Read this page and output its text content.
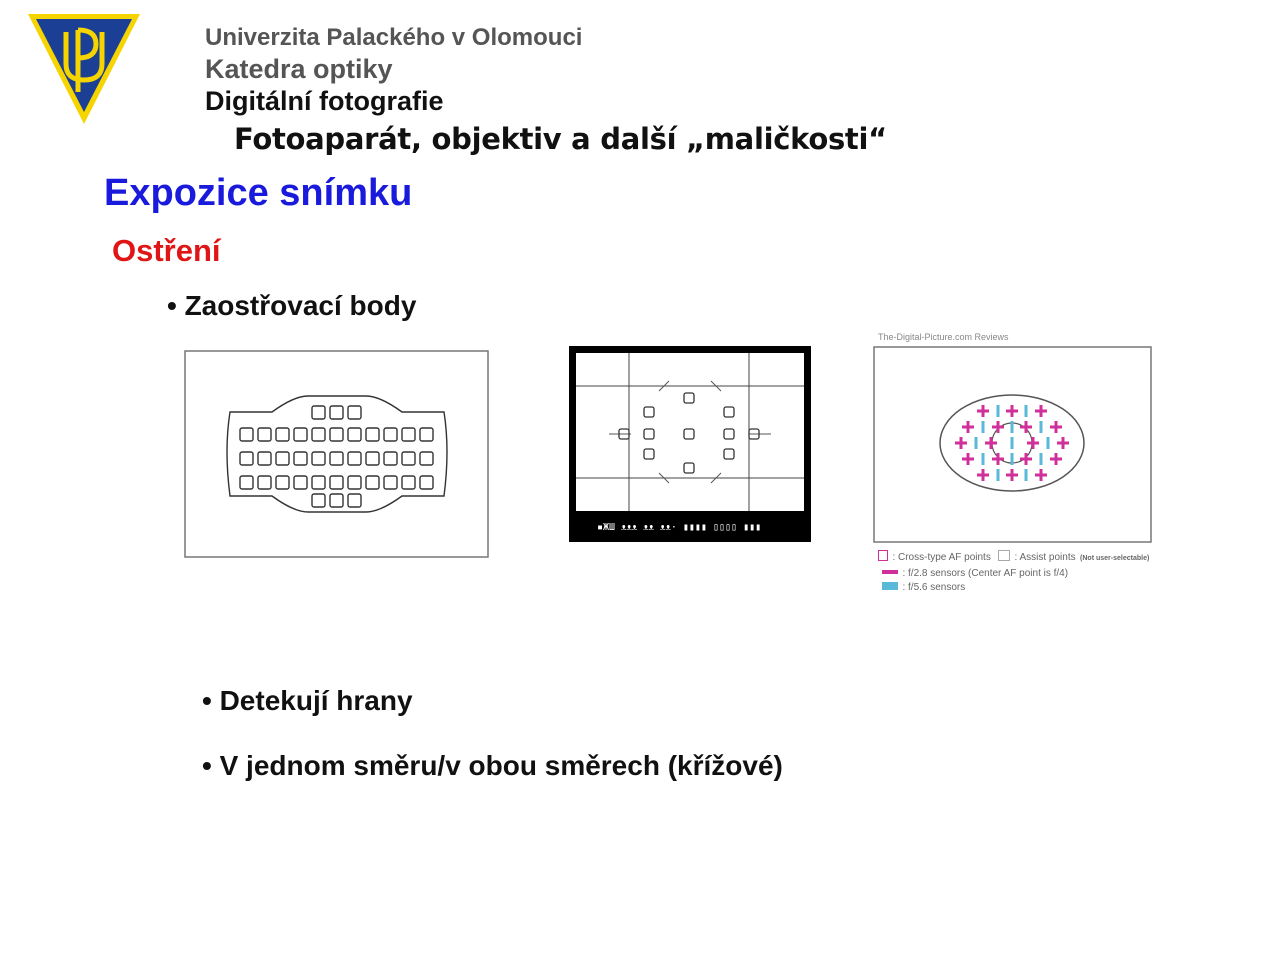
Univerzita Palackého v Olomouci
Katedra optiky
Digitální fotografie
Fotoaparát, objektiv a další „maličkosti“
Expozice snímku
Ostření
• Zaostřovací body
▪ЖШ ᴥᴥᴥ ᴥᴥ ᴥᴥ· ▮▮▮▮ ▯▯▯▯ ▮▮▮
The-Digital-Picture.com Reviews
: Cross-type AF points	: Assist points (Not user-selectable)
: f/2.8 sensors (Center AF point is f/4)
: f/5.6 sensors
• Detekují hrany
• V jednom směru/v obou směrech (křížové)
